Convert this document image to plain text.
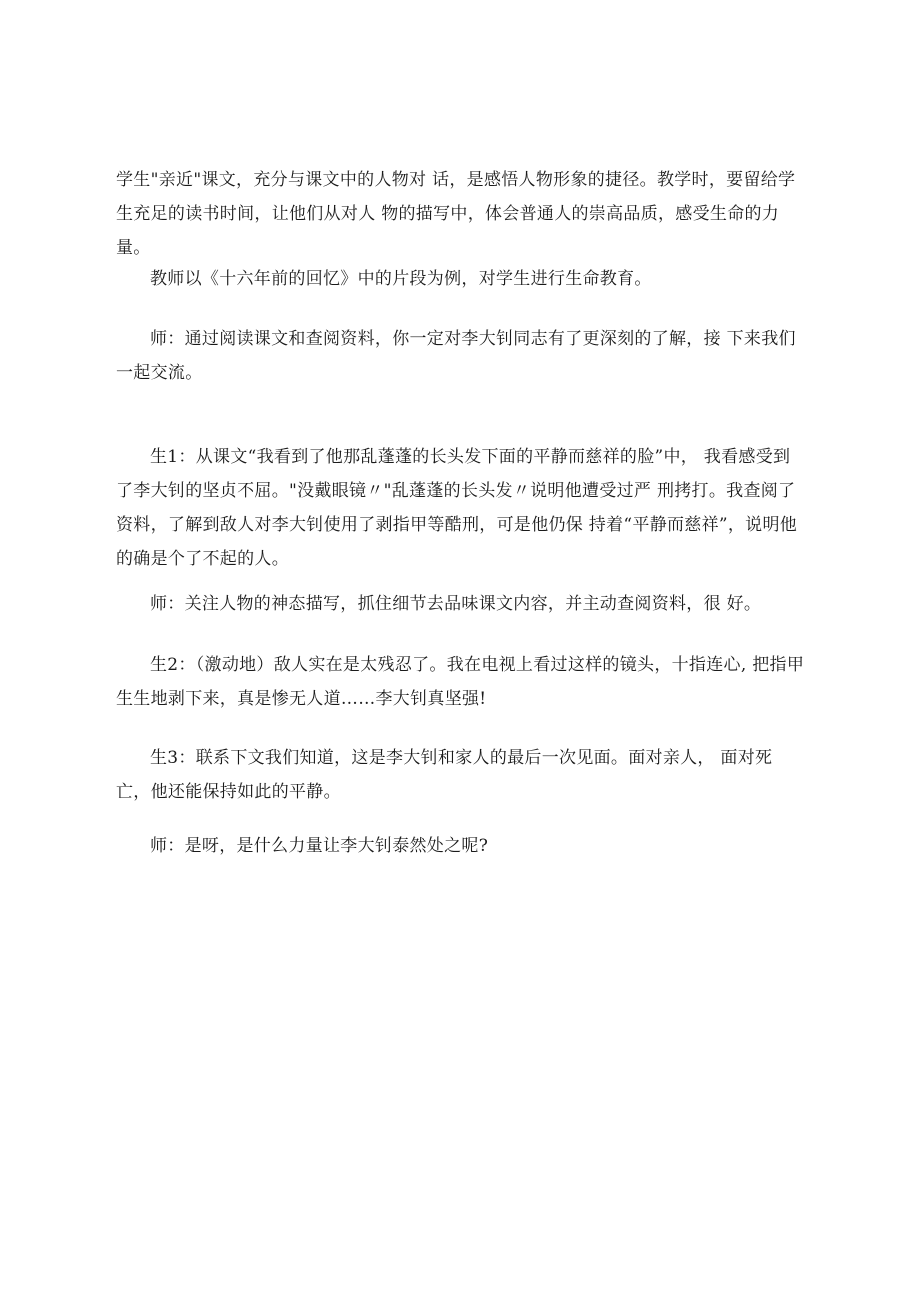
学生"亲近"课文，充分与课文中的人物对 话，是感悟人物形象的捷径。教学时，要留给学生充足的读书时间，让他们从对人 物的描写中，体会普通人的崇高品质，感受生命的力量。

教师以《十六年前的回忆》中的片段为例，对学生进行生命教育。

师：通过阅读课文和查阅资料，你一定对李大钊同志有了更深刻的了解，接 下来我们一起交流。

生1：从课文“我看到了他那乱蓬蓬的长头发下面的平静而慈祥的脸”中， 我看感受到了李大钊的坚贞不屈。"没戴眼镜〃"乱蓬蓬的长头发〃说明他遭受过严 刑拷打。我查阅了资料，了解到敌人对李大钊使用了剥指甲等酷刑，可是他仍保 持着“平静而慈祥”，说明他的确是个了不起的人。

师：关注人物的神态描写，抓住细节去品味课文内容，并主动查阅资料，很 好。

生2：（激动地）敌人实在是太残忍了。我在电视上看过这样的镜头，十指连心, 把指甲生生地剥下来，真是惨无人道……李大钊真坚强!

生3：联系下文我们知道，这是李大钊和家人的最后一次见面。面对亲人， 面对死亡，他还能保持如此的平静。

师：是呀，是什么力量让李大钊泰然处之呢?
